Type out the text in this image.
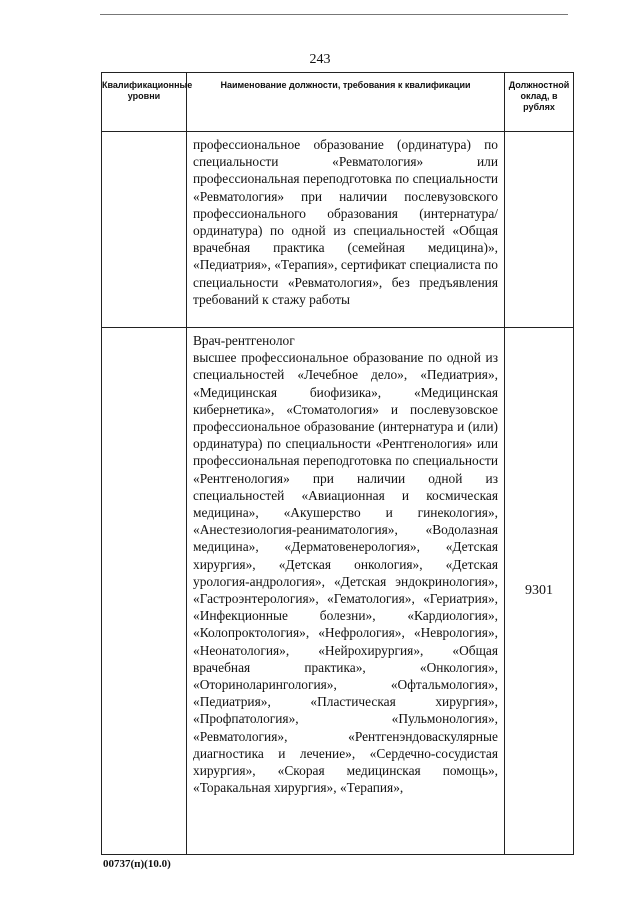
243
Квалификационные уровни	Наименование должности, требования к квалификации	Должностной оклад, в рублях
	профессиональное образование (ординатура) по специальности «Ревматология» или профессиональная переподготовка по специальности «Ревматология» при наличии послевузовского профессионального образования (интернатура/ординатура) по одной из специальностей «Общая врачебная практика (семейная медицина)», «Педиатрия», «Терапия», сертификат специалиста по специальности «Ревматология», без предъявления требований к стажу работы	

	Врач-рентгенолог
высшее профессиональное образование по одной из специальностей «Лечебное дело», «Педиатрия», «Медицинская биофизика», «Медицинская кибернетика», «Стоматология» и послевузовское профессиональное образование (интернатура и (или) ординатура) по специальности «Рентгенология» или профессиональная переподготовка по специальности «Рентгенология» при наличии одной из специальностей «Авиационная и космическая медицина», «Акушерство и гинекология», «Анестезиология-реаниматология», «Водолазная медицина», «Дерматовенерология», «Детская хирургия», «Детская онкология», «Детская урология-андрология», «Детская эндокринология», «Гастроэнтерология», «Гематология», «Гериатрия», «Инфекционные болезни», «Кардиология», «Колопроктология», «Нефрология», «Неврология», «Неонатология», «Нейрохирургия», «Общая врачебная практика», «Онкология», «Оториноларингология», «Офтальмология», «Педиатрия», «Пластическая хирургия», «Профпатология», «Пульмонология», «Ревматология», «Рентгенэндоваскулярные диагностика и лечение», «Сердечно-сосудистая хирургия», «Скорая медицинская помощь», «Торакальная хирургия», «Терапия»,	9301
00737(п)(10.0)
